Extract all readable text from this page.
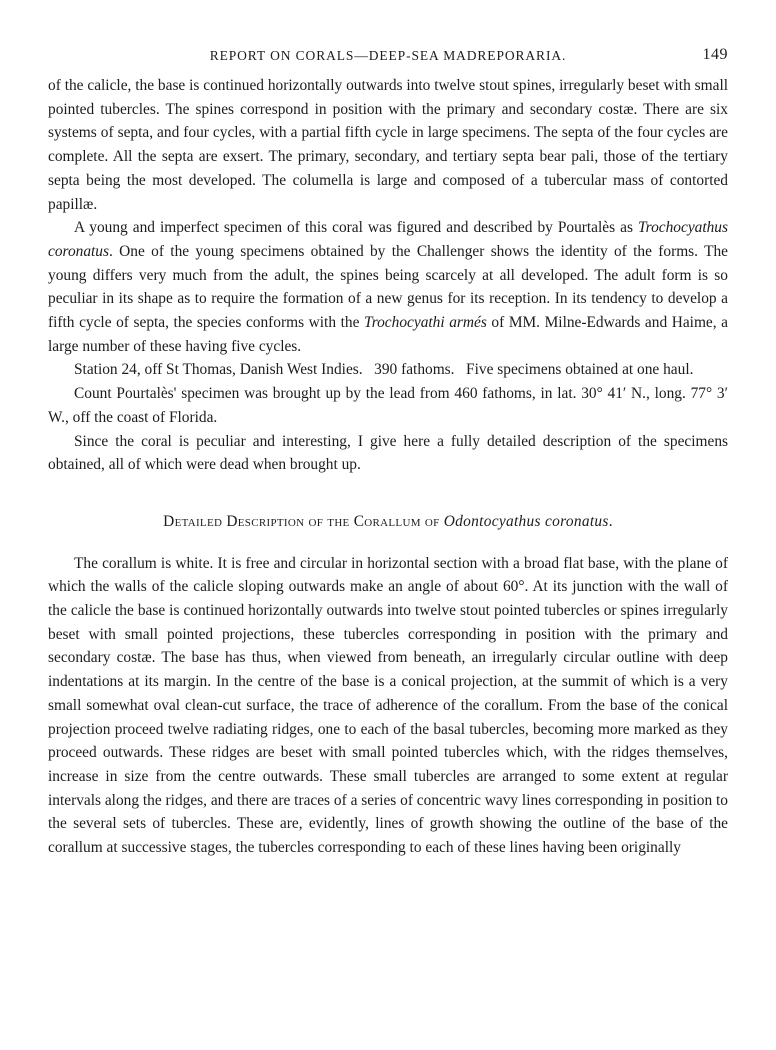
REPORT ON CORALS—DEEP-SEA MADREPORARIA.	149

of the calicle, the base is continued horizontally outwards into twelve stout spines, irregularly beset with small pointed tubercles. The spines correspond in position with the primary and secondary costæ. There are six systems of septa, and four cycles, with a partial fifth cycle in large specimens. The septa of the four cycles are complete. All the septa are exsert. The primary, secondary, and tertiary septa bear pali, those of the tertiary septa being the most developed. The columella is large and composed of a tubercular mass of contorted papillæ.

A young and imperfect specimen of this coral was figured and described by Pourtalès as Trochocyathus coronatus. One of the young specimens obtained by the Challenger shows the identity of the forms. The young differs very much from the adult, the spines being scarcely at all developed. The adult form is so peculiar in its shape as to require the formation of a new genus for its reception. In its tendency to develop a fifth cycle of septa, the species conforms with the Trochocyathi armés of MM. Milne-Edwards and Haime, a large number of these having five cycles.

Station 24, off St Thomas, Danish West Indies.   390 fathoms.   Five specimens obtained at one haul.

Count Pourtalès' specimen was brought up by the lead from 460 fathoms, in lat. 30° 41′ N., long. 77° 3′ W., off the coast of Florida.

Since the coral is peculiar and interesting, I give here a fully detailed description of the specimens obtained, all of which were dead when brought up.

Detailed Description of the Corallum of Odontocyathus coronatus.

The corallum is white. It is free and circular in horizontal section with a broad flat base, with the plane of which the walls of the calicle sloping outwards make an angle of about 60°. At its junction with the wall of the calicle the base is continued horizontally outwards into twelve stout pointed tubercles or spines irregularly beset with small pointed projections, these tubercles corresponding in position with the primary and secondary costæ. The base has thus, when viewed from beneath, an irregularly circular outline with deep indentations at its margin. In the centre of the base is a conical projection, at the summit of which is a very small somewhat oval clean-cut surface, the trace of adherence of the corallum. From the base of the conical projection proceed twelve radiating ridges, one to each of the basal tubercles, becoming more marked as they proceed outwards. These ridges are beset with small pointed tubercles which, with the ridges themselves, increase in size from the centre outwards. These small tubercles are arranged to some extent at regular intervals along the ridges, and there are traces of a series of concentric wavy lines corresponding in position to the several sets of tubercles. These are, evidently, lines of growth showing the outline of the base of the corallum at successive stages, the tubercles corresponding to each of these lines having been originally
